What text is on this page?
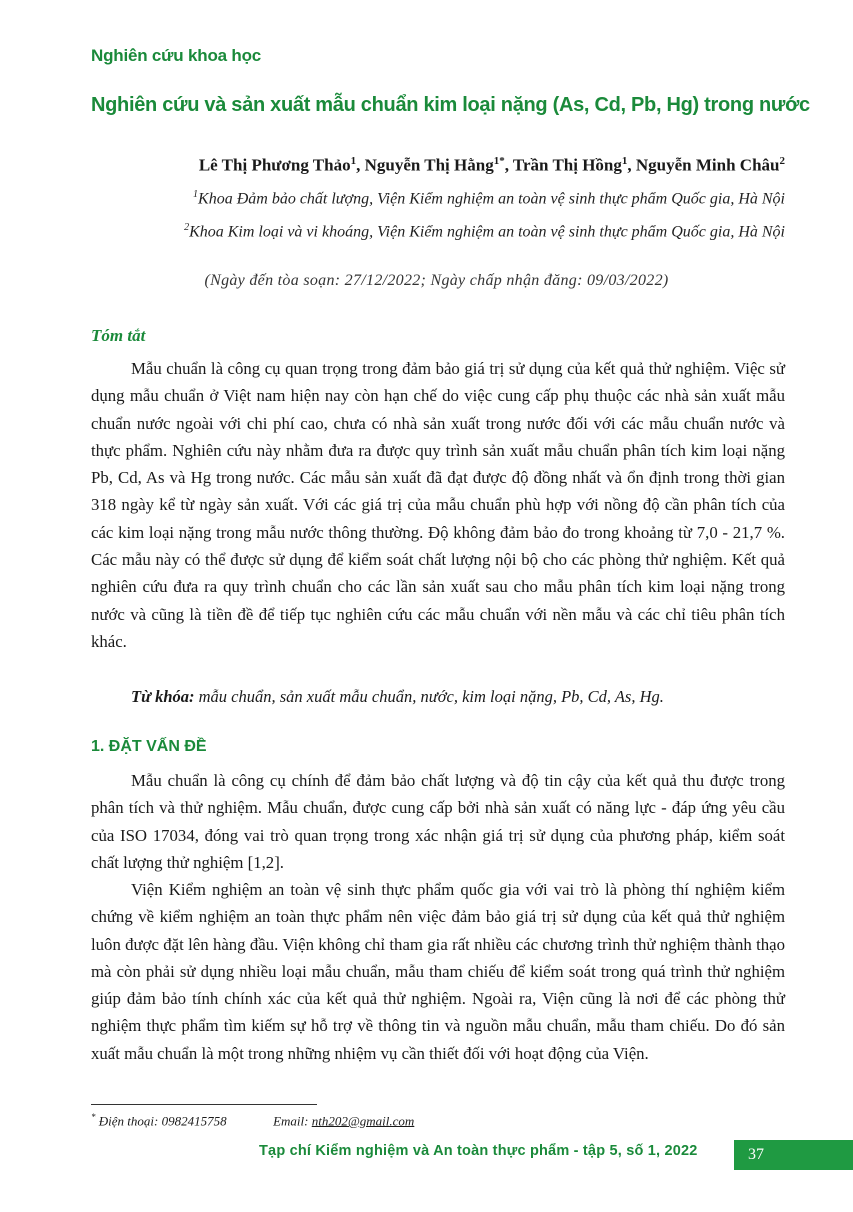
Nghiên cứu khoa học
Nghiên cứu và sản xuất mẫu chuẩn kim loại nặng (As, Cd, Pb, Hg) trong nước
Lê Thị Phương Thảo$^1$, Nguyễn Thị Hằng$^{1*}$, Trần Thị Hồng$^1$, Nguyễn Minh Châu$^2$
$^1$Khoa Đảm bảo chất lượng, Viện Kiểm nghiệm an toàn vệ sinh thực phẩm Quốc gia, Hà Nội
$^2$Khoa Kim loại và vi khoáng, Viện Kiểm nghiệm an toàn vệ sinh thực phẩm Quốc gia, Hà Nội
(Ngày đến tòa soạn: 27/12/2022; Ngày chấp nhận đăng: 09/03/2022)
Tóm tắt
Mẫu chuẩn là công cụ quan trọng trong đảm bảo giá trị sử dụng của kết quả thử nghiệm. Việc sử dụng mẫu chuẩn ở Việt nam hiện nay còn hạn chế do việc cung cấp phụ thuộc các nhà sản xuất mẫu chuẩn nước ngoài với chi phí cao, chưa có nhà sản xuất trong nước đối với các mẫu chuẩn nước và thực phẩm. Nghiên cứu này nhằm đưa ra được quy trình sản xuất mẫu chuẩn phân tích kim loại nặng Pb, Cd, As và Hg trong nước. Các mẫu sản xuất đã đạt được độ đồng nhất và ổn định trong thời gian 318 ngày kể từ ngày sản xuất. Với các giá trị của mẫu chuẩn phù hợp với nồng độ cần phân tích của các kim loại nặng trong mẫu nước thông thường. Độ không đảm bảo đo trong khoảng từ 7,0 - 21,7 %. Các mẫu này có thể được sử dụng để kiểm soát chất lượng nội bộ cho các phòng thử nghiệm. Kết quả nghiên cứu đưa ra quy trình chuẩn cho các lần sản xuất sau cho mẫu phân tích kim loại nặng trong nước và cũng là tiền đề để tiếp tục nghiên cứu các mẫu chuẩn với nền mẫu và các chỉ tiêu phân tích khác.
Từ khóa: mẫu chuẩn, sản xuất mẫu chuẩn, nước, kim loại nặng, Pb, Cd, As, Hg.
1. ĐẶT VẤN ĐỀ
Mẫu chuẩn là công cụ chính để đảm bảo chất lượng và độ tin cậy của kết quả thu được trong phân tích và thử nghiệm. Mẫu chuẩn, được cung cấp bởi nhà sản xuất có năng lực - đáp ứng yêu cầu của ISO 17034, đóng vai trò quan trọng trong xác nhận giá trị sử dụng của phương pháp, kiểm soát chất lượng thử nghiệm [1,2].
Viện Kiểm nghiệm an toàn vệ sinh thực phẩm quốc gia với vai trò là phòng thí nghiệm kiểm chứng về kiểm nghiệm an toàn thực phẩm nên việc đảm bảo giá trị sử dụng của kết quả thử nghiệm luôn được đặt lên hàng đầu. Viện không chỉ tham gia rất nhiều các chương trình thử nghiệm thành thạo mà còn phải sử dụng nhiều loại mẫu chuẩn, mẫu tham chiếu để kiểm soát trong quá trình thử nghiệm giúp đảm bảo tính chính xác của kết quả thử nghiệm. Ngoài ra, Viện cũng là nơi để các phòng thử nghiệm thực phẩm tìm kiếm sự hỗ trợ về thông tin và nguồn mẫu chuẩn, mẫu tham chiếu. Do đó sản xuất mẫu chuẩn là một trong những nhiệm vụ cần thiết đối với hoạt động của Viện.
* Điện thoại: 0982415758	Email: nth202@gmail.com
Tạp chí Kiểm nghiệm và An toàn thực phẩm - tập 5, số 1, 2022	37
